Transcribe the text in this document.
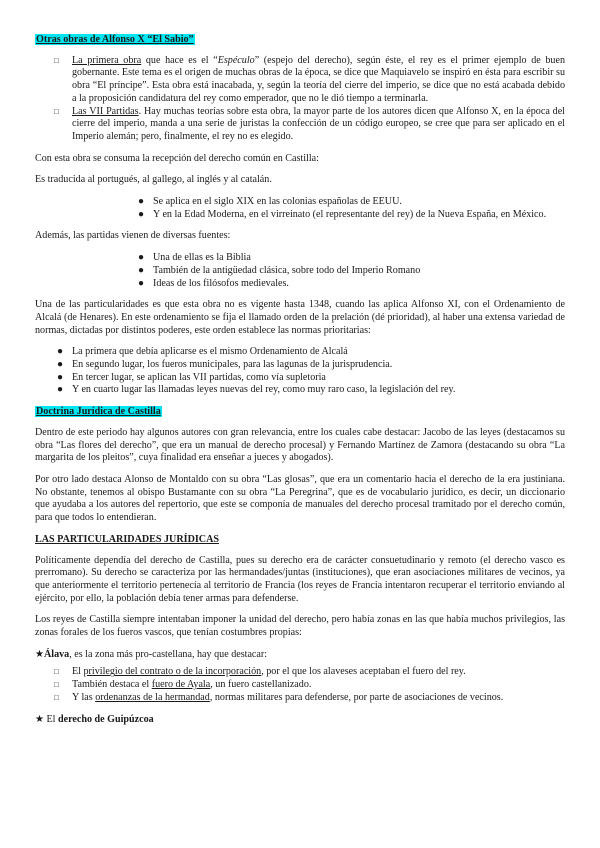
Otras obras de Alfonso X “El Sabio”
□ La primera obra que hace es el “Espéculo” (espejo del derecho), según éste, el rey es el primer ejemplo de buen gobernante. Este tema es el origen de muchas obras de la época, se dice que Maquiavelo se inspiró en ésta para escribir su obra “El príncipe”. Esta obra está inacabada, y, según la teoría del cierre del imperio, se dice que no está acabada debido a la proposición candidatura del rey como emperador, que no le dió tiempo a terminarla.
□ Las VII Partidas. Hay muchas teorías sobre esta obra, la mayor parte de los autores dicen que Alfonso X, en la época del cierre del imperio, manda a una serie de juristas la confección de un código europeo, se cree que para ser aplicado en el Imperio alemán; pero, finalmente, el rey no es elegido.

Con esta obra se consuma la recepción del derecho común en Castilla:

Es traducida al portugués, al gallego, al inglés y al catalán.

● Se aplica en el siglo XIX en las colonias españolas de EEUU.
● Y en la Edad Moderna, en el virreinato (el representante del rey) de la Nueva España, en México.

Además, las partidas vienen de diversas fuentes:

● Una de ellas es la Biblia
● También de la antigüedad clásica, sobre todo del Imperio Romano
● Ideas de los filósofos medievales.

Una de las particularidades es que esta obra no es vigente hasta 1348, cuando las aplica Alfonso XI, con el Ordenamiento de Alcalá (de Henares). En este ordenamiento se fija el llamado orden de la prelación (dé prioridad), al haber una extensa variedad de normas, dictadas por distintos poderes, este orden establece las normas prioritarias:

● La primera que debía aplicarse es el mismo Ordenamiento de Alcalá
● En segundo lugar, los fueros municipales, para las lagunas de la jurisprudencia.
● En tercer lugar, se aplican las VII partidas, como vía supletoria
● Y en cuarto lugar las llamadas leyes nuevas del rey, como muy raro caso, la legislación del rey.
Doctrina Jurídica de Castilla

Dentro de este periodo hay algunos autores con gran relevancia, entre los cuales cabe destacar: Jacobo de las leyes (destacamos su obra “Las flores del derecho”, que era un manual de derecho procesal) y Fernando Martínez de Zamora (destacando su obra “La margarita de los pleitos”, cuya finalidad era enseñar a jueces y abogados).

Por otro lado destaca Alonso de Montaldo con su obra “Las glosas”, que era un comentario hacia el derecho de la era justiniana. No obstante, tenemos al obispo Bustamante con su obra “La Peregrina”, que es de vocabulario jurídico, es decir, un diccionario que ayudaba a los autores del repertorio, que este se componía de manuales del derecho procesal tramitado por el derecho común, para que todos lo entendieran.

LAS PARTICULARIDADES JURÍDICAS

Políticamente dependía del derecho de Castilla, pues su derecho era de carácter consuetudinario y remoto (el derecho vasco es prerromano). Su derecho se caracteriza por las hermandades/juntas (instituciones), que eran asociaciones militares de vecinos, ya que anteriormente el territorio pertenecía al territorio de Francia (los reyes de Francia intentaron recuperar el territorio enviando al ejército, por ello, la población debía tener armas para defenderse.

Los reyes de Castilla siempre intentaban imponer la unidad del derecho, pero había zonas en las que había muchos privilegios, las zonas forales de los fueros vascos, que tenían costumbres propias:

★Álava, es la zona más pro-castellana, hay que destacar:
□ El privilegio del contrato o de la incorporación, por el que los alaveses aceptaban el fuero del rey.
□ También destaca el fuero de Ayala, un fuero castellanizado.
□ Y las ordenanzas de la hermandad, normas militares para defenderse, por parte de asociaciones de vecinos.
★ El derecho de Guipúzcoa
